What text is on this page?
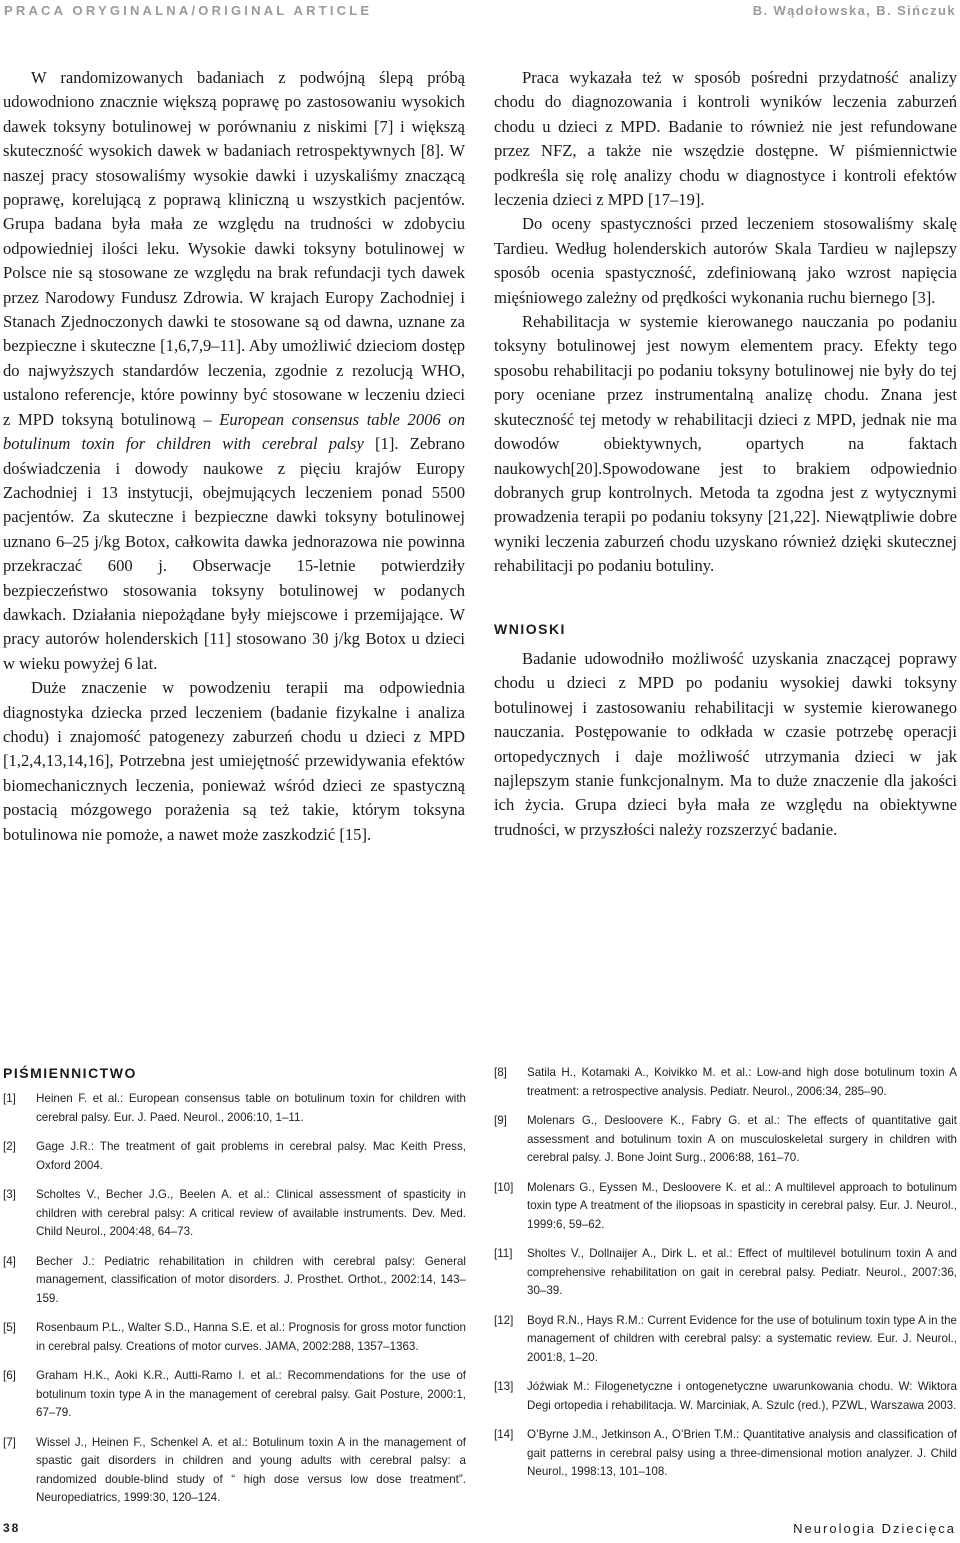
PRACA ORYGINALNA/ORIGINAL ARTICLE	B. Wądołowska, B. Sińczuk

W randomizowanych badaniach z podwójną ślepą próbą udowodniono znacznie większą poprawę po zastosowaniu wysokich dawek toksyny botulinowej w porównaniu z niskimi [7] i większą skuteczność wysokich dawek w badaniach retrospektywnych [8]. W naszej pracy stosowaliśmy wysokie dawki i uzyskaliśmy znaczącą poprawę, korelującą z poprawą kliniczną u wszystkich pacjentów. Grupa badana była mała ze względu na trudności w zdobyciu odpowiedniej ilości leku. Wysokie dawki toksyny botulinowej w Polsce nie są stosowane ze względu na brak refundacji tych dawek przez Narodowy Fundusz Zdrowia. W krajach Europy Zachodniej i Stanach Zjednoczonych dawki te stosowane są od dawna, uznane za bezpieczne i skuteczne [1,6,7,9–11]. Aby umożliwić dzieciom dostęp do najwyższych standardów leczenia, zgodnie z rezolucją WHO, ustalono referencje, które powinny być stosowane w leczeniu dzieci z MPD toksyną botulinową – European consensus table 2006 on botulinum toxin for children with cerebral palsy [1]. Zebrano doświadczenia i dowody naukowe z pięciu krajów Europy Zachodniej i 13 instytucji, obejmujących leczeniem ponad 5500 pacjentów. Za skuteczne i bezpieczne dawki toksyny botulinowej uznano 6–25 j/kg Botox, całkowita dawka jednorazowa nie powinna przekraczać 600 j. Obserwacje 15-letnie potwierdziły bezpieczeństwo stosowania toksyny botulinowej w podanych dawkach. Działania niepożądane były miejscowe i przemijające. W pracy autorów holenderskich [11] stosowano 30 j/kg Botox u dzieci w wieku powyżej 6 lat.

Duże znaczenie w powodzeniu terapii ma odpowiednia diagnostyka dziecka przed leczeniem (badanie fizykalne i analiza chodu) i znajomość patogenezy zaburzeń chodu u dzieci z MPD [1,2,4,13,14,16], Potrzebna jest umiejętność przewidywania efektów biomechanicznych leczenia, ponieważ wśród dzieci ze spastyczną postacią mózgowego porażenia są też takie, którym toksyna botulinowa nie pomoże, a nawet może zaszkodzić [15].

Praca wykazała też w sposób pośredni przydatność analizy chodu do diagnozowania i kontroli wyników leczenia zaburzeń chodu u dzieci z MPD. Badanie to również nie jest refundowane przez NFZ, a także nie wszędzie dostępne. W piśmiennictwie podkreśla się rolę analizy chodu w diagnostyce i kontroli efektów leczenia dzieci z MPD [17–19].

Do oceny spastyczności przed leczeniem stosowaliśmy skalę Tardieu. Według holenderskich autorów Skala Tardieu w najlepszy sposób ocenia spastyczność, zdefiniowaną jako wzrost napięcia mięśniowego zależny od prędkości wykonania ruchu biernego [3].

Rehabilitacja w systemie kierowanego nauczania po podaniu toksyny botulinowej jest nowym elementem pracy. Efekty tego sposobu rehabilitacji po podaniu toksyny botulinowej nie były do tej pory oceniane przez instrumentalną analizę chodu. Znana jest skuteczność tej metody w rehabilitacji dzieci z MPD, jednak nie ma dowodów obiektywnych, opartych na faktach naukowych[20].Spowodowane jest to brakiem odpowiednio dobranych grup kontrolnych. Metoda ta zgodna jest z wytycznymi prowadzenia terapii po podaniu toksyny [21,22]. Niewątpliwie dobre wyniki leczenia zaburzeń chodu uzyskano również dzięki skutecznej rehabilitacji po podaniu botuliny.

WNIOSKI

Badanie udowodniło możliwość uzyskania znaczącej poprawy chodu u dzieci z MPD po podaniu wysokiej dawki toksyny botulinowej i zastosowaniu rehabilitacji w systemie kierowanego nauczania. Postępowanie to odkłada w czasie potrzebę operacji ortopedycznych i daje możliwość utrzymania dzieci w jak najlepszym stanie funkcjonalnym. Ma to duże znaczenie dla jakości ich życia. Grupa dzieci była mała ze względu na obiektywne trudności, w przyszłości należy rozszerzyć badanie.

PIŚMIENNICTWO
[1]	Heinen F. et al.: European consensus table on botulinum toxin for children with cerebral palsy. Eur. J. Paed. Neurol., 2006:10, 1–11.
[2]	Gage J.R.: The treatment of gait problems in cerebral palsy. Mac Keith Press, Oxford 2004.
[3]	Scholtes V., Becher J.G., Beelen A. et al.: Clinical assessment of spasticity in children with cerebral palsy: A critical review of available instruments. Dev. Med. Child Neurol., 2004:48, 64–73.
[4]	Becher J.: Pediatric rehabilitation in children with cerebral palsy: General management, classification of motor disorders. J. Prosthet. Orthot., 2002:14, 143–159.
[5]	Rosenbaum P.L., Walter S.D., Hanna S.E. et al.: Prognosis for gross motor function in cerebral palsy. Creations of motor curves. JAMA, 2002:288, 1357–1363.
[6]	Graham H.K., Aoki K.R., Autti-Ramo I. et al.: Recommendations for the use of botulinum toxin type A in the management of cerebral palsy. Gait Posture, 2000:1, 67–79.
[7]	Wissel J., Heinen F., Schenkel A. et al.: Botulinum toxin A in the management of spastic gait disorders in children and young adults with cerebral palsy: a randomized double-blind study of “ high dose versus low dose treatment”. Neuropediatrics, 1999:30, 120–124.
[8]	Satila H., Kotamaki A., Koivikko M. et al.: Low-and high dose botulinum toxin A treatment: a retrospective analysis. Pediatr. Neurol., 2006:34, 285–90.
[9]	Molenars G., Desloovere K., Fabry G. et al.: The effects of quantitative gait assessment and botulinum toxin A on musculoskeletal surgery in children with cerebral palsy. J. Bone Joint Surg., 2006:88, 161–70.
[10]	Molenars G., Eyssen M., Desloovere K. et al.: A multilevel approach to botulinum toxin type A treatment of the iliopsoas in spasticity in cerebral palsy. Eur. J. Neurol., 1999:6, 59–62.
[11]	Sholtes V., Dollnaijer A., Dirk L. et al.: Effect of multilevel botulinum toxin A and comprehensive rehabilitation on gait in cerebral palsy. Pediatr. Neurol., 2007:36, 30–39.
[12]	Boyd R.N., Hays R.M.: Current Evidence for the use of botulinum toxin type A in the management of children with cerebral palsy: a systematic review. Eur. J. Neurol., 2001:8, 1–20.
[13]	Jóźwiak M.: Filogenetyczne i ontogenetyczne uwarunkowania chodu. W: Wiktora Degi ortopedia i rehabilitacja. W. Marciniak, A. Szulc (red.), PZWL, Warszawa 2003.
[14]	O’Byrne J.M., Jetkinson A., O’Brien T.M.: Quantitative analysis and classification of gait patterns in cerebral palsy using a three-dimensional motion analyzer. J. Child Neurol., 1998:13, 101–108.
38	Neurologia Dziecięca
